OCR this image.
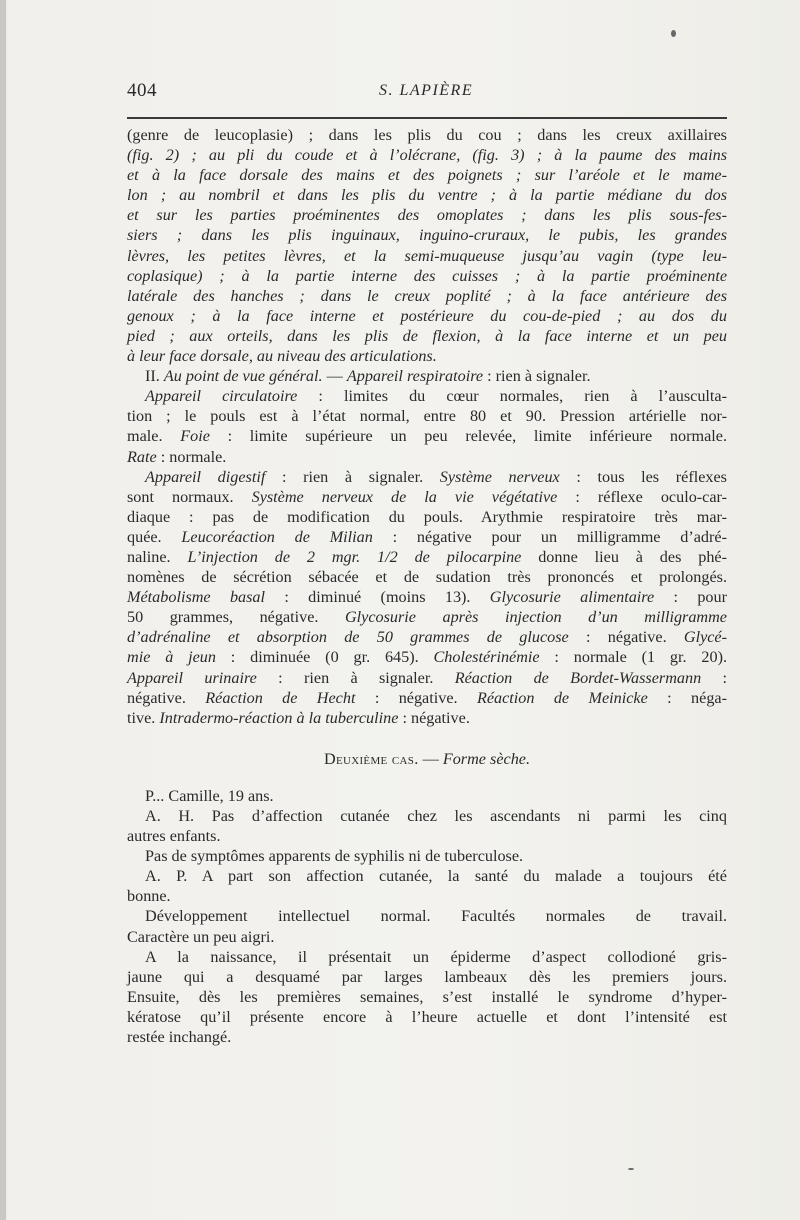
404	S. LAPIÈRE

(genre de leucoplasie) ; dans les plis du cou ; dans les creux axillaires

(fig. 2) ; au pli du coude et à l’olécrane, (fig. 3) ; à la paume des mains

et à la face dorsale des mains et des poignets ; sur l’aréole et le mame-

lon ; au nombril et dans les plis du ventre ; à la partie médiane du dos

et sur les parties proéminentes des omoplates ; dans les plis sous-fes-

siers ; dans les plis inguinaux, inguino-cruraux, le pubis, les grandes

lèvres, les petites lèvres, et la semi-muqueuse jusqu’au vagin (type leu-

coplasique) ; à la partie interne des cuisses ; à la partie proéminente

latérale des hanches ; dans le creux poplité ; à la face antérieure des

genoux ; à la face interne et postérieure du cou-de-pied ; au dos du

pied ; aux orteils, dans les plis de flexion, à la face interne et un peu

à leur face dorsale, au niveau des articulations.

II. Au point de vue général. — Appareil respiratoire : rien à signaler.

Appareil circulatoire : limites du cœur normales, rien à l’ausculta-

tion ; le pouls est à l’état normal, entre 80 et 90. Pression artérielle nor-

male. Foie : limite supérieure un peu relevée, limite inférieure normale.

Rate : normale.

Appareil digestif : rien à signaler. Système nerveux : tous les réflexes

sont normaux. Système nerveux de la vie végétative : réflexe oculo-car-

diaque : pas de modification du pouls. Arythmie respiratoire très mar-

quée. Leucoréaction de Milian : négative pour un milligramme d’adré-

naline. L’injection de 2 mgr. 1/2 de pilocarpine donne lieu à des phé-

nomènes de sécrétion sébacée et de sudation très prononcés et prolongés.

Métabolisme basal : diminué (moins 13). Glycosurie alimentaire : pour

50 grammes, négative. Glycosurie après injection d’un milligramme

d’adrénaline et absorption de 50 grammes de glucose : négative. Glycé-

mie à jeun : diminuée (0 gr. 645). Cholestérinémie : normale (1 gr. 20).

Appareil urinaire : rien à signaler. Réaction de Bordet-Wassermann :

négative. Réaction de Hecht : négative. Réaction de Meinicke : néga-

tive. Intradermo-réaction à la tuberculine : négative.

Deuxième cas. — Forme sèche.

P... Camille, 19 ans.

A. H. Pas d’affection cutanée chez les ascendants ni parmi les cinq

autres enfants.

Pas de symptômes apparents de syphilis ni de tuberculose.

A. P. A part son affection cutanée, la santé du malade a toujours été

bonne.

Développement intellectuel normal. Facultés normales de travail.

Caractère un peu aigri.

A la naissance, il présentait un épiderme d’aspect collodioné gris-

jaune qui a desquamé par larges lambeaux dès les premiers jours.

Ensuite, dès les premières semaines, s’est installé le syndrome d’hyper-

kératose qu’il présente encore à l’heure actuelle et dont l’intensité est

restée inchangé.
